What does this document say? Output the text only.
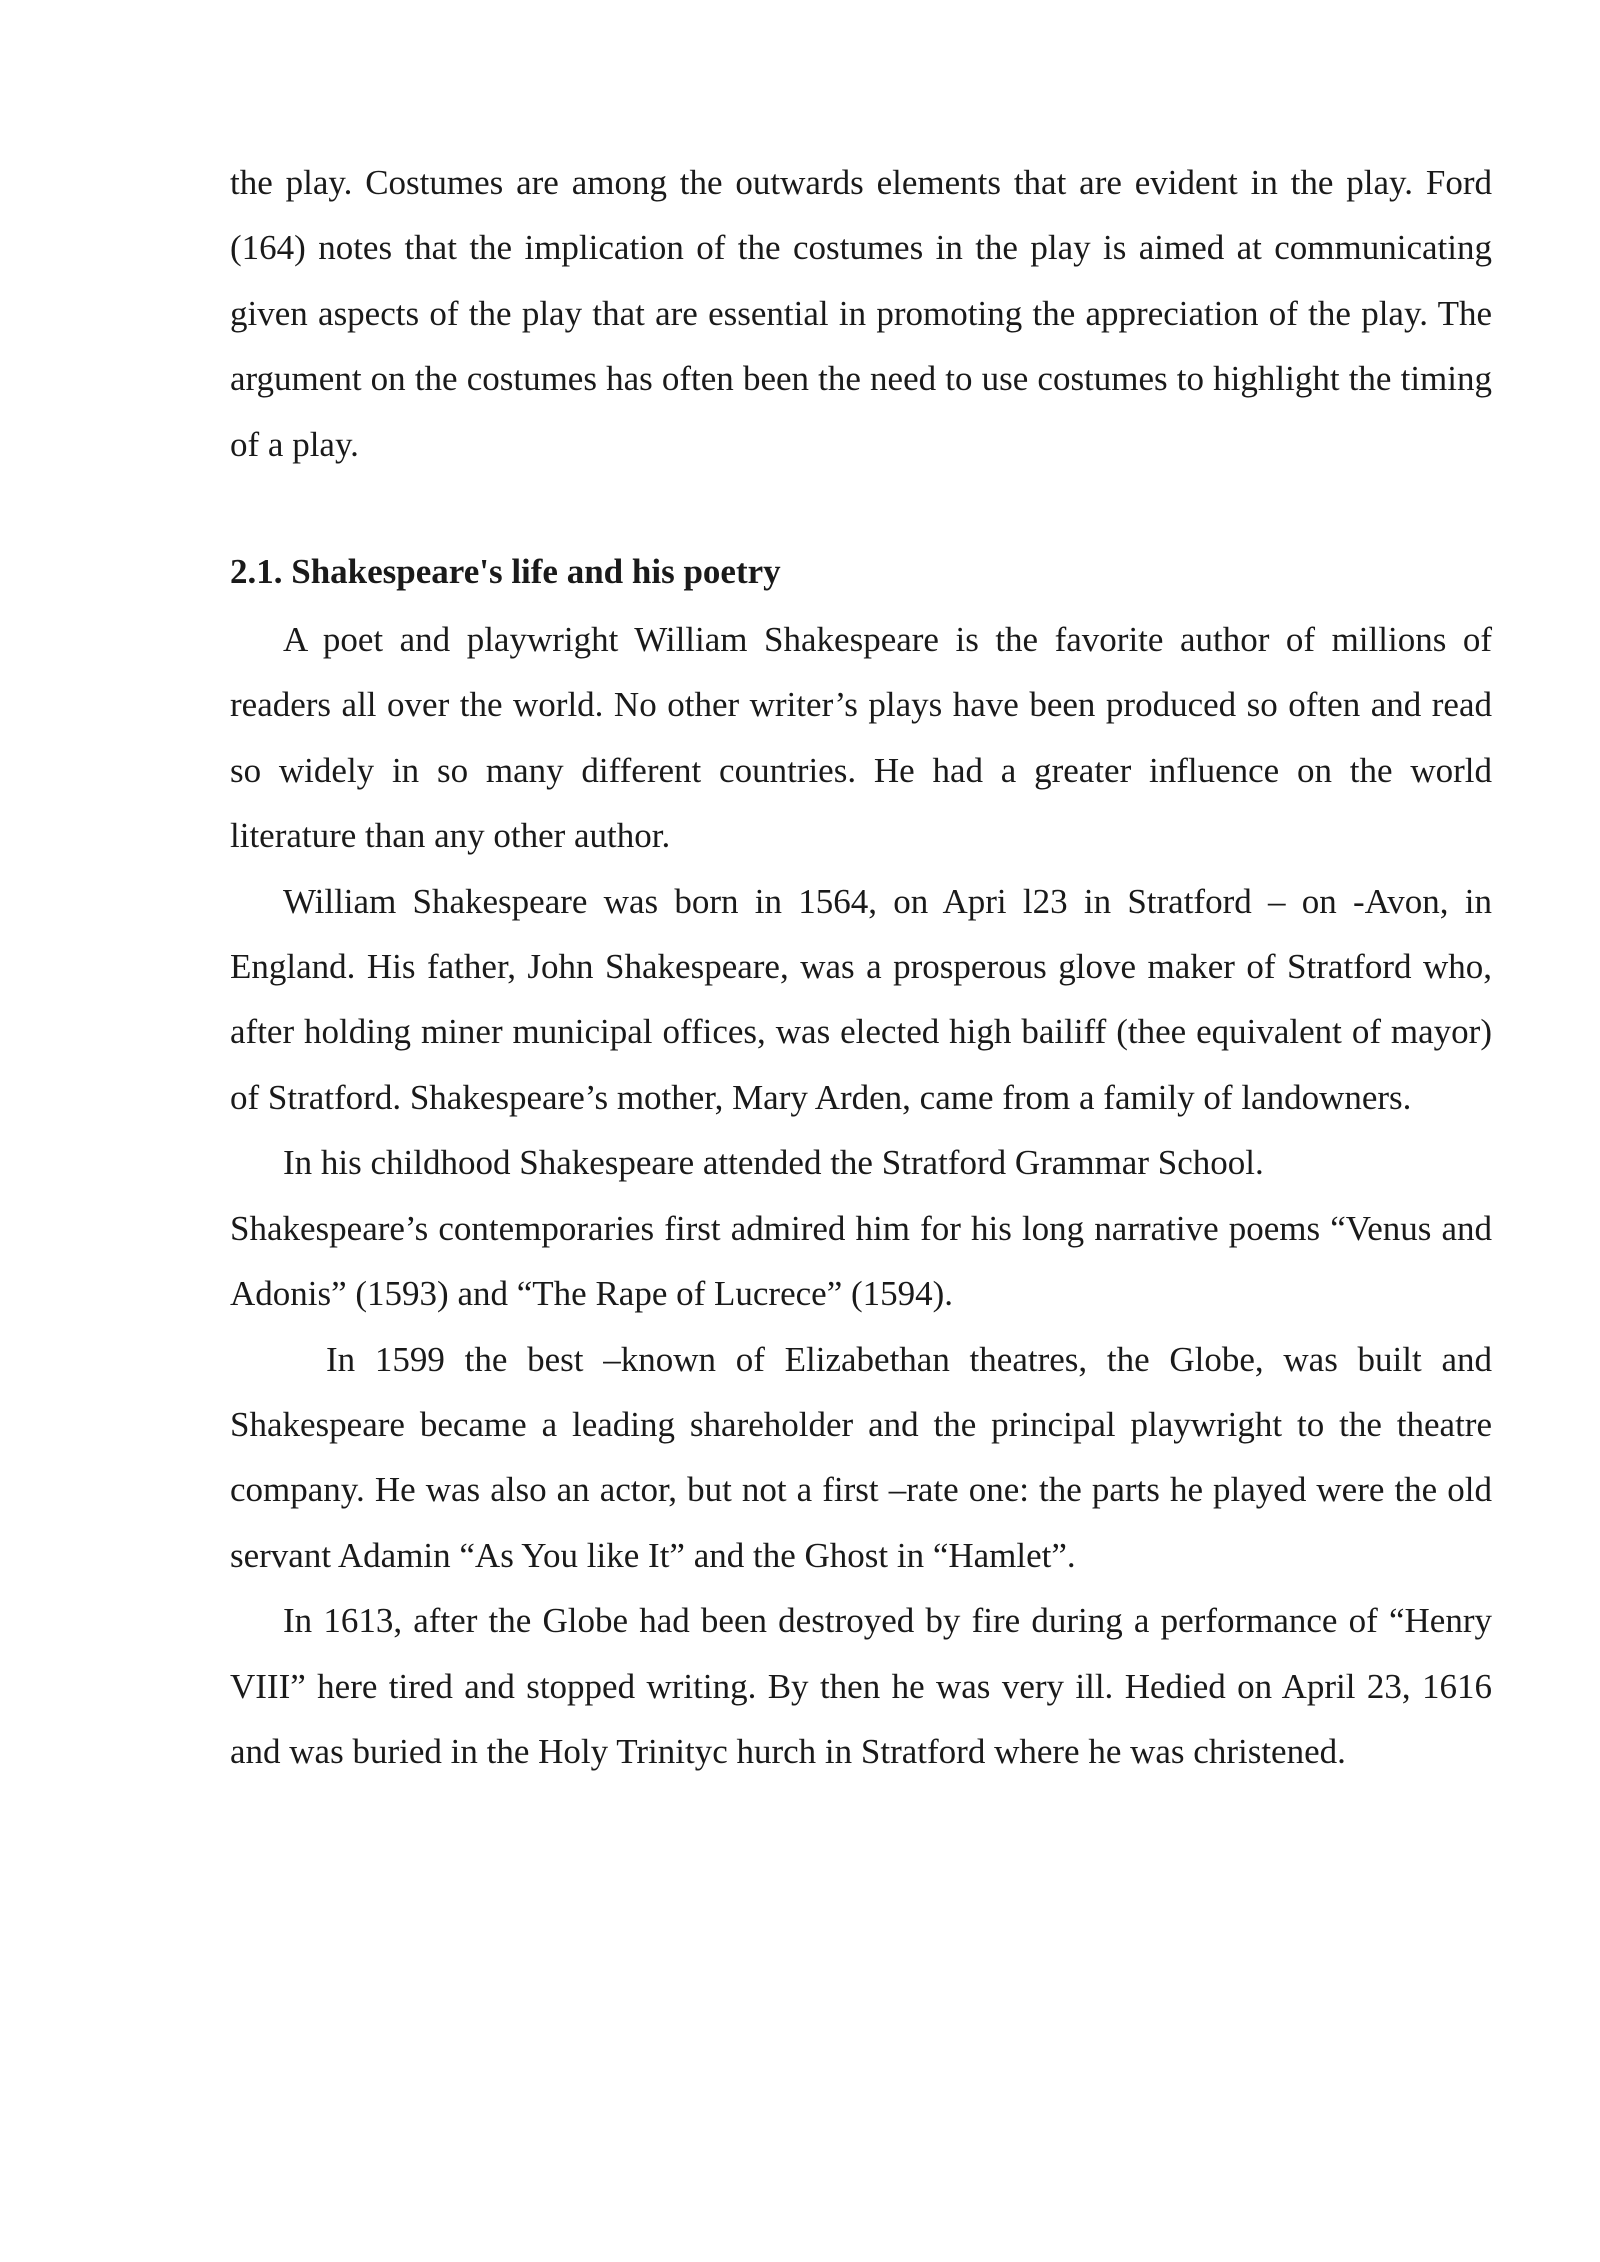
the play. Costumes are among the outwards elements that are evident in the play. Ford (164) notes that the implication of the costumes in the play is aimed at communicating given aspects of the play that are essential in promoting the appreciation of the play. The argument on the costumes has often been the need to use costumes to highlight the timing of a play.

2.1. Shakespeare's life and his poetry

A poet and playwright William Shakespeare is the favorite author of millions of readers all over the world. No other writer’s plays have been produced so often and read so widely in so many different countries. He had a greater influence on the world literature than any other author.

William Shakespeare was born in 1564, on Apri l23 in Stratford – on -Avon, in England. His father, John Shakespeare, was a prosperous glove maker of Stratford who, after holding miner municipal offices, was elected high bailiff (thee equivalent of mayor) of Stratford. Shakespeare’s mother, Mary Arden, came from a family of landowners.

In his childhood Shakespeare attended the Stratford Grammar School.

Shakespeare’s contemporaries first admired him for his long narrative poems “Venus and Adonis” (1593) and “The Rape of Lucrece” (1594).

In 1599 the best –known of Elizabethan theatres, the Globe, was built and Shakespeare became a leading shareholder and the principal playwright to the theatre company. He was also an actor, but not a first –rate one: the parts he played were the old servant Adamin “As You like It” and the Ghost in “Hamlet”.

In 1613, after the Globe had been destroyed by fire during a performance of “Henry VIII” here tired and stopped writing. By then he was very ill. Hedied on April 23, 1616 and was buried in the Holy Trinityc hurch in Stratford where he was christened.
